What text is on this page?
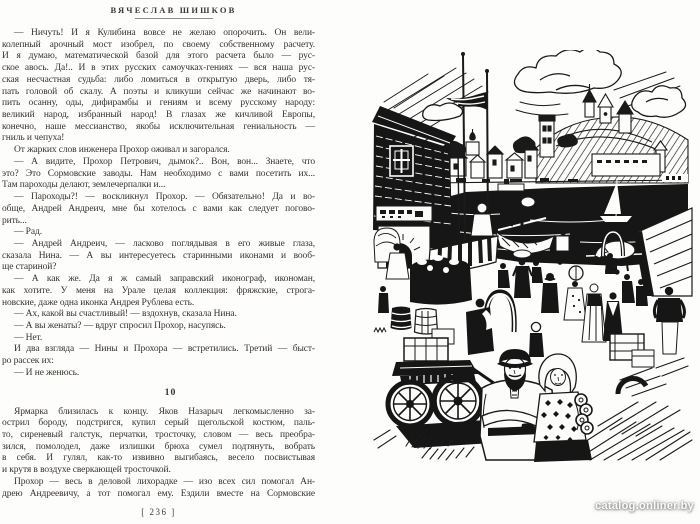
ВЯЧЕСЛАВ ШИШКОВ
— Ничуть! И я Кулибина вовсе не желаю опорочить. Он вели-
колепный арочный мост изобрел, по своему собственному расчету.
И я думаю, математической базой для этого расчета было — рус-
ское авось. Да!.. И в этих русских самоучках-гениях — вся наша рус-
ская несчастная судьба: либо ломиться в открытую дверь, либо тя-
пать головой об скалу. А поэты и кликуши сейчас же начинают во-
пить осанну, оды, дифирамбы и гениям и всему русскому народу:
великий народ, избранный народ! В глазах же кичливой Европы,
конечно, наше мессианство, якобы исключительная гениальность —
гниль и чепуха!
От жарких слов инженера Прохор оживал и загорался.
— А видите, Прохор Петрович, дымок?.. Вон, вон... Знаете, что
это? Это Сормовские заводы. Нам необходимо с вами посетить их...
Там пароходы делают, землечерпалки и...
— Пароходы?! — воскликнул Прохор. — Обязательно! Да и во-
обще, Андрей Андреич, мне бы хотелось с вами как следует погово-
рить...
— Рад.
— Андрей Андреич, — ласково поглядывая в его живые глаза,
сказала Нина. — А вы интересуетесь старинными иконами и вооб-
ще стариной?
— А как же. Да я ж самый заправский иконограф, икономан,
как хотите. У меня на Урале целая коллекция: фряжские, строга-
новские, даже одна иконка Андрея Рублева есть.
— Ах, какой вы счастливый! — вздохнув, сказала Нина.
— А вы женаты? — вдруг спросил Прохор, насупясь.
— Нет.
И два взгляда — Нины и Прохора — встретились. Третий — быст-
ро рассек их:
— И не женюсь.
10
Ярмарка близилась к концу. Яков Назарыч легкомысленно за-
острил бороду, подстригся, купил серый щегольской костюм, паль-
то, сиреневый галстук, перчатки, тросточку, словом — весь преобра-
зился, помолодел, даже излишки брюха сумел подтянуть, вобрать
в себя. И гулял, как-то извивно выгибаясь, весело посвистывая
и крутя в воздухе сверкающей тросточкой.
Прохор — весь в деловой лихорадке — изо всех сил помогал Ан-
дрею Андреевичу, а тот помогал ему. Ездили вместе на Сормовские
[ 236 ]	catalog.onliner.by
